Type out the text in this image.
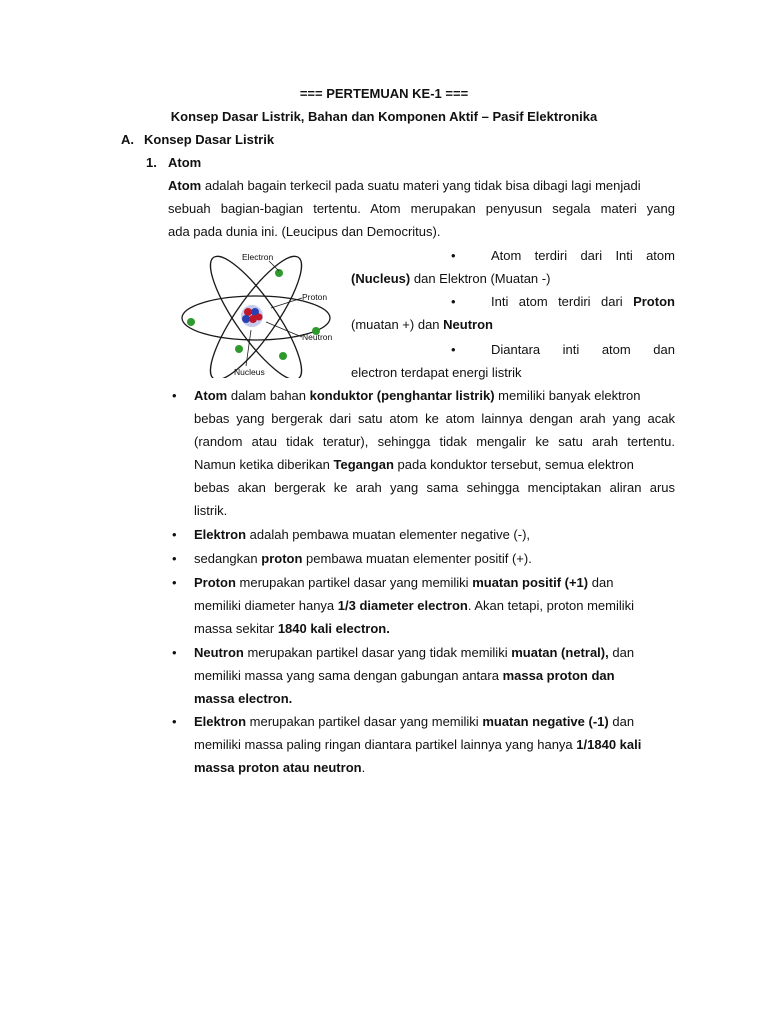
=== PERTEMUAN KE-1 ===
Konsep Dasar Listrik, Bahan dan Komponen Aktif – Pasif Elektronika
A. Konsep Dasar Listrik
1. Atom
Atom adalah bagain terkecil pada suatu materi yang tidak bisa dibagi lagi menjadi
sebuah bagian-bagian tertentu. Atom merupakan penyusun segala materi yang
ada pada dunia ini. (Leucipus dan Democritus).
Electron
Proton
Neutron
Nucleus
•	Atom terdiri dari Inti atom
(Nucleus) dan Elektron (Muatan -)
•	Inti atom terdiri dari Proton
(muatan +) dan Neutron
•	Diantara inti atom dan
electron terdapat energi listrik
• Atom dalam bahan konduktor (penghantar listrik) memiliki banyak elektron
bebas yang bergerak dari satu atom ke atom lainnya dengan arah yang acak
(random atau tidak teratur), sehingga tidak mengalir ke satu arah tertentu.
Namun ketika diberikan Tegangan pada konduktor tersebut, semua elektron
bebas akan bergerak ke arah yang sama sehingga menciptakan aliran arus
listrik.
• Elektron adalah pembawa muatan elementer negative (-),
• sedangkan proton pembawa muatan elementer positif (+).
• Proton merupakan partikel dasar yang memiliki muatan positif (+1) dan
memiliki diameter hanya 1/3 diameter electron. Akan tetapi, proton memiliki
massa sekitar 1840 kali electron.
• Neutron merupakan partikel dasar yang tidak memiliki muatan (netral), dan
memiliki massa yang sama dengan gabungan antara massa proton dan
massa electron.
• Elektron merupakan partikel dasar yang memiliki muatan negative (-1) dan
memiliki massa paling ringan diantara partikel lainnya yang hanya 1/1840 kali
massa proton atau neutron.
